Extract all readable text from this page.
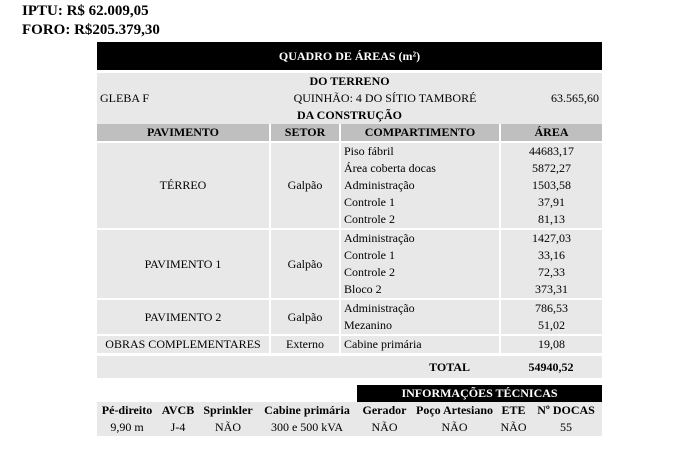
IPTU: R$ 62.009,05
FORO: R$205.379,30
QUADRO DE ÁREAS (m²)			

DO TERRENO			
GLEBA F	QUINHÃO: 4 DO SÍTIO TAMBORÉ		63.565,60
DA CONSTRUÇÃO			
PAVIMENTO	SETOR	COMPARTIMENTO	ÁREA
TÉRREO	Galpão	Piso fábril	44683,17
		Área coberta docas	5872,27
		Administração	1503,58
		Controle 1	37,91
		Controle 2	81,13
PAVIMENTO 1	Galpão	Administração	1427,03
		Controle 1	33,16
		Controle 2	72,33
		Bloco 2	373,31
PAVIMENTO 2	Galpão	Administração	786,53
		Mezanino	51,02
OBRAS COMPLEMENTARES	Externo	Cabine primária	19,08

TOTAL			54940,52
				INFORMAÇÕES TÉCNICAS			
Pé-direito	AVCB	Sprinkler	Cabine primária	Gerador	Poço Artesiano	ETE	Nº DOCAS
9,90 m	J-4	NÃO	300 e 500 kVA	NÃO	NÃO	NÃO	55
